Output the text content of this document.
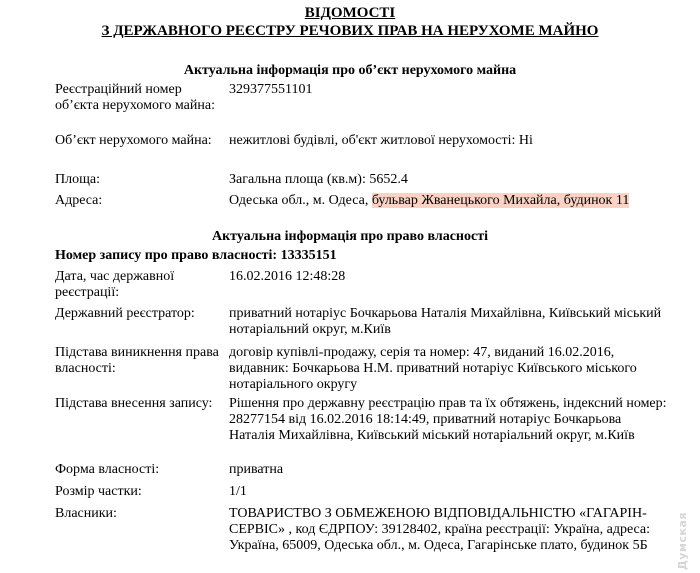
ВІДОМОСТІ
З ДЕРЖАВНОГО РЕЄСТРУ РЕЧОВИХ ПРАВ НА НЕРУХОМЕ МАЙНО
Актуальна інформація про об’єкт нерухомого майна
Реєстраційний номер об’єкта нерухомого майна:
329377551101
Об’єкт нерухомого майна:	нежитлові будівлі, об'єкт житлової нерухомості: Ні
Площа:	Загальна площа (кв.м): 5652.4
Адреса:	Одеська обл., м. Одеса, бульвар Жванецького Михайла, будинок 11
Актуальна інформація про право власності
Номер запису про право власності: 13335151
Дата, час державної реєстрації:
16.02.2016 12:48:28
Державний реєстратор:	приватний нотаріус Бочкарьова Наталія Михайлівна, Київський міський нотаріальний округ, м.Київ
Підстава виникнення права власності:
договір купівлі-продажу, серія та номер: 47, виданий 16.02.2016, видавник: Бочкарьова Н.М. приватний нотаріус Київського міського нотаріального округу
Підстава внесення запису:	Рішення про державну реєстрацію прав та їх обтяжень, індексний номер: 28277154 від 16.02.2016 18:14:49, приватний нотаріус Бочкарьова Наталія Михайлівна, Київський міський нотаріальний округ, м.Київ
Форма власності:	приватна
Розмір частки:	1/1
Власники:	ТОВАРИСТВО З ОБМЕЖЕНОЮ ВІДПОВІДАЛЬНІСТЮ «ГАГАРІН-СЕРВІС» , код ЄДРПОУ: 39128402, країна реєстрації: Україна, адреса: Україна, 65009, Одеська обл., м. Одеса, Гагарінське плато, будинок 5Б	Думская
